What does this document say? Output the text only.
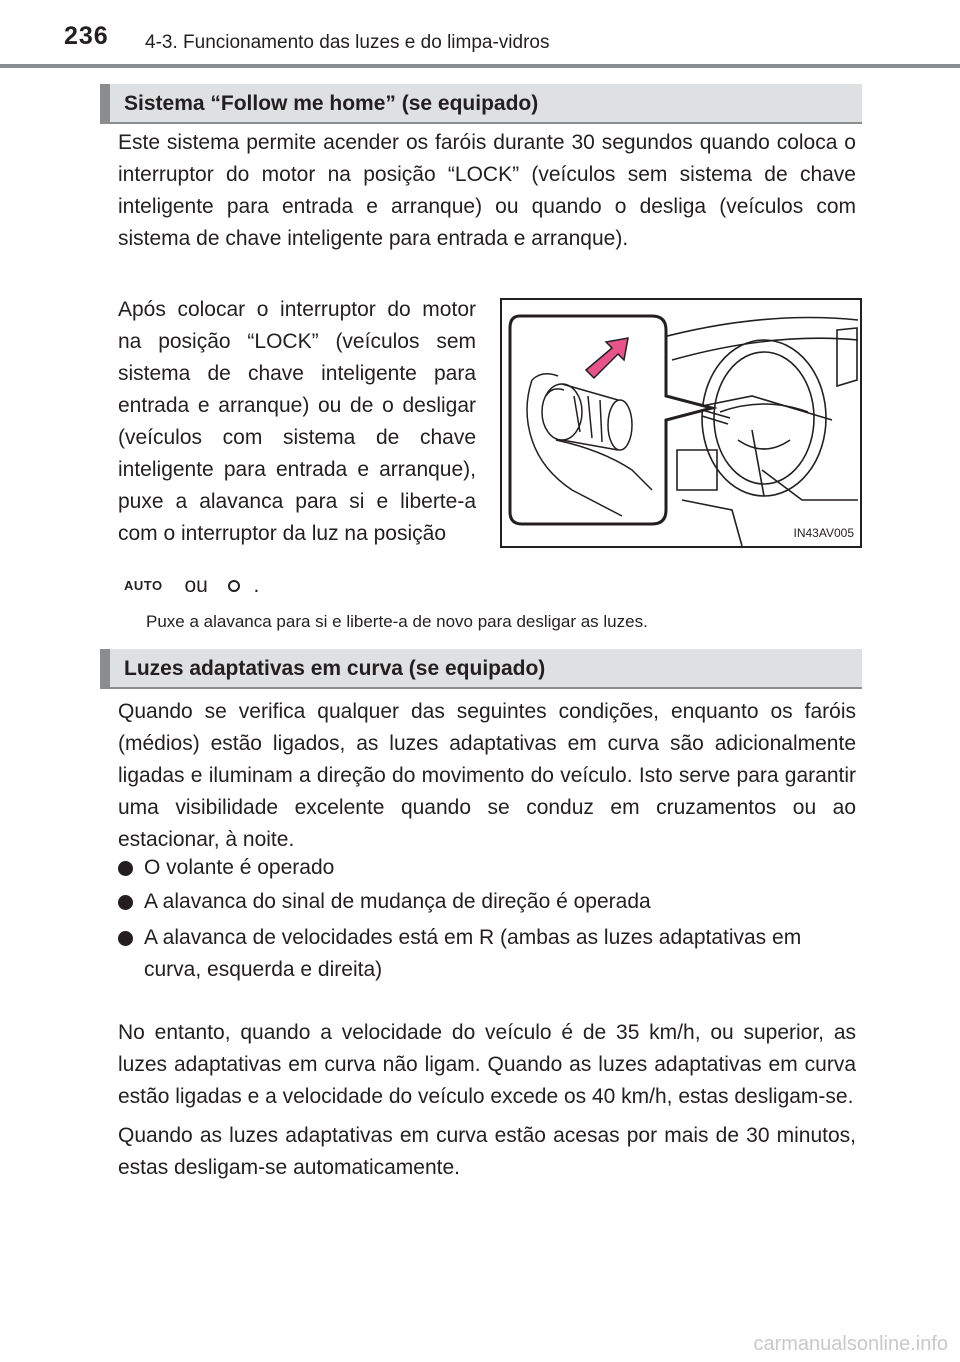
236 4-3. Funcionamento das luzes e do limpa-vidros
Sistema “Follow me home” (se equipado)

Este sistema permite acender os faróis durante 30 segundos quando coloca o interruptor do motor na posição “LOCK” (veículos sem sistema de chave inteligente para entrada e arranque) ou quando o desliga (veículos com sistema de chave inteligente para entrada e arranque).

Após colocar o interruptor do motor na posição “LOCK” (veículos sem sistema de chave inteligente para entrada e arranque) ou de o desligar (veículos com sistema de chave inteligente para entrada e arranque), puxe a alavanca para si e liberte-a com o interruptor da luz na posição

AUTO ou .
IN43AV005
Puxe a alavanca para si e liberte-a de novo para desligar as luzes.
Luzes adaptativas em curva (se equipado)

Quando se verifica qualquer das seguintes condições, enquanto os faróis (médios) estão ligados, as luzes adaptativas em curva são adicionalmente ligadas e iluminam a direção do movimento do veículo. Isto serve para garantir uma visibilidade excelente quando se conduz em cruzamentos ou ao estacionar, à noite.

O volante é operado
A alavanca do sinal de mudança de direção é operada
A alavanca de velocidades está em R (ambas as luzes adaptativas em curva, esquerda e direita)

No entanto, quando a velocidade do veículo é de 35 km/h, ou superior, as luzes adaptativas em curva não ligam. Quando as luzes adaptativas em curva estão ligadas e a velocidade do veículo excede os 40 km/h, estas desligam-se.

Quando as luzes adaptativas em curva estão acesas por mais de 30 minutos, estas desligam-se automaticamente.

carmanualsonline.info
